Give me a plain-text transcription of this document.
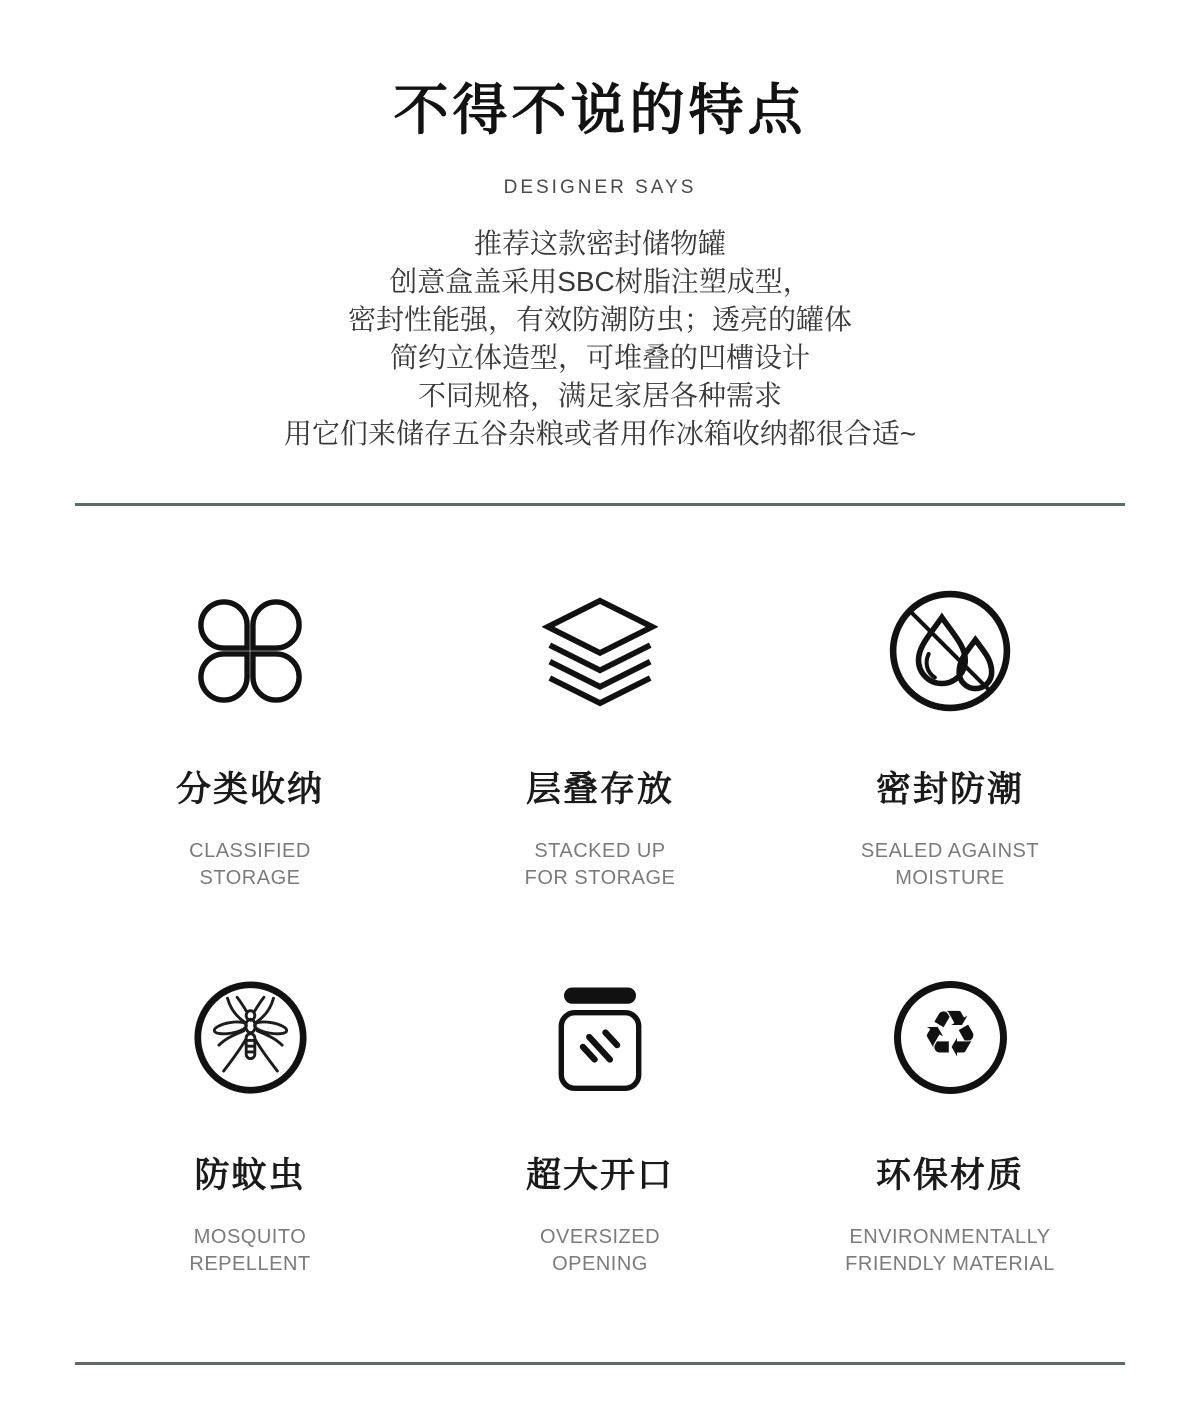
不得不说的特点
DESIGNER SAYS
推荐这款密封储物罐
创意盒盖采用SBC树脂注塑成型，
密封性能强，有效防潮防虫；透亮的罐体
简约立体造型，可堆叠的凹槽设计
不同规格，满足家居各种需求
用它们来储存五谷杂粮或者用作冰箱收纳都很合适~
分类收纳
CLASSIFIED
STORAGE
层叠存放
STACKED UP
FOR STORAGE
密封防潮
SEALED AGAINST
MOISTURE
防蚊虫
MOSQUITO
REPELLENT
超大开口
OVERSIZED
OPENING
♻
环保材质
ENVIRONMENTALLY
FRIENDLY MATERIAL
